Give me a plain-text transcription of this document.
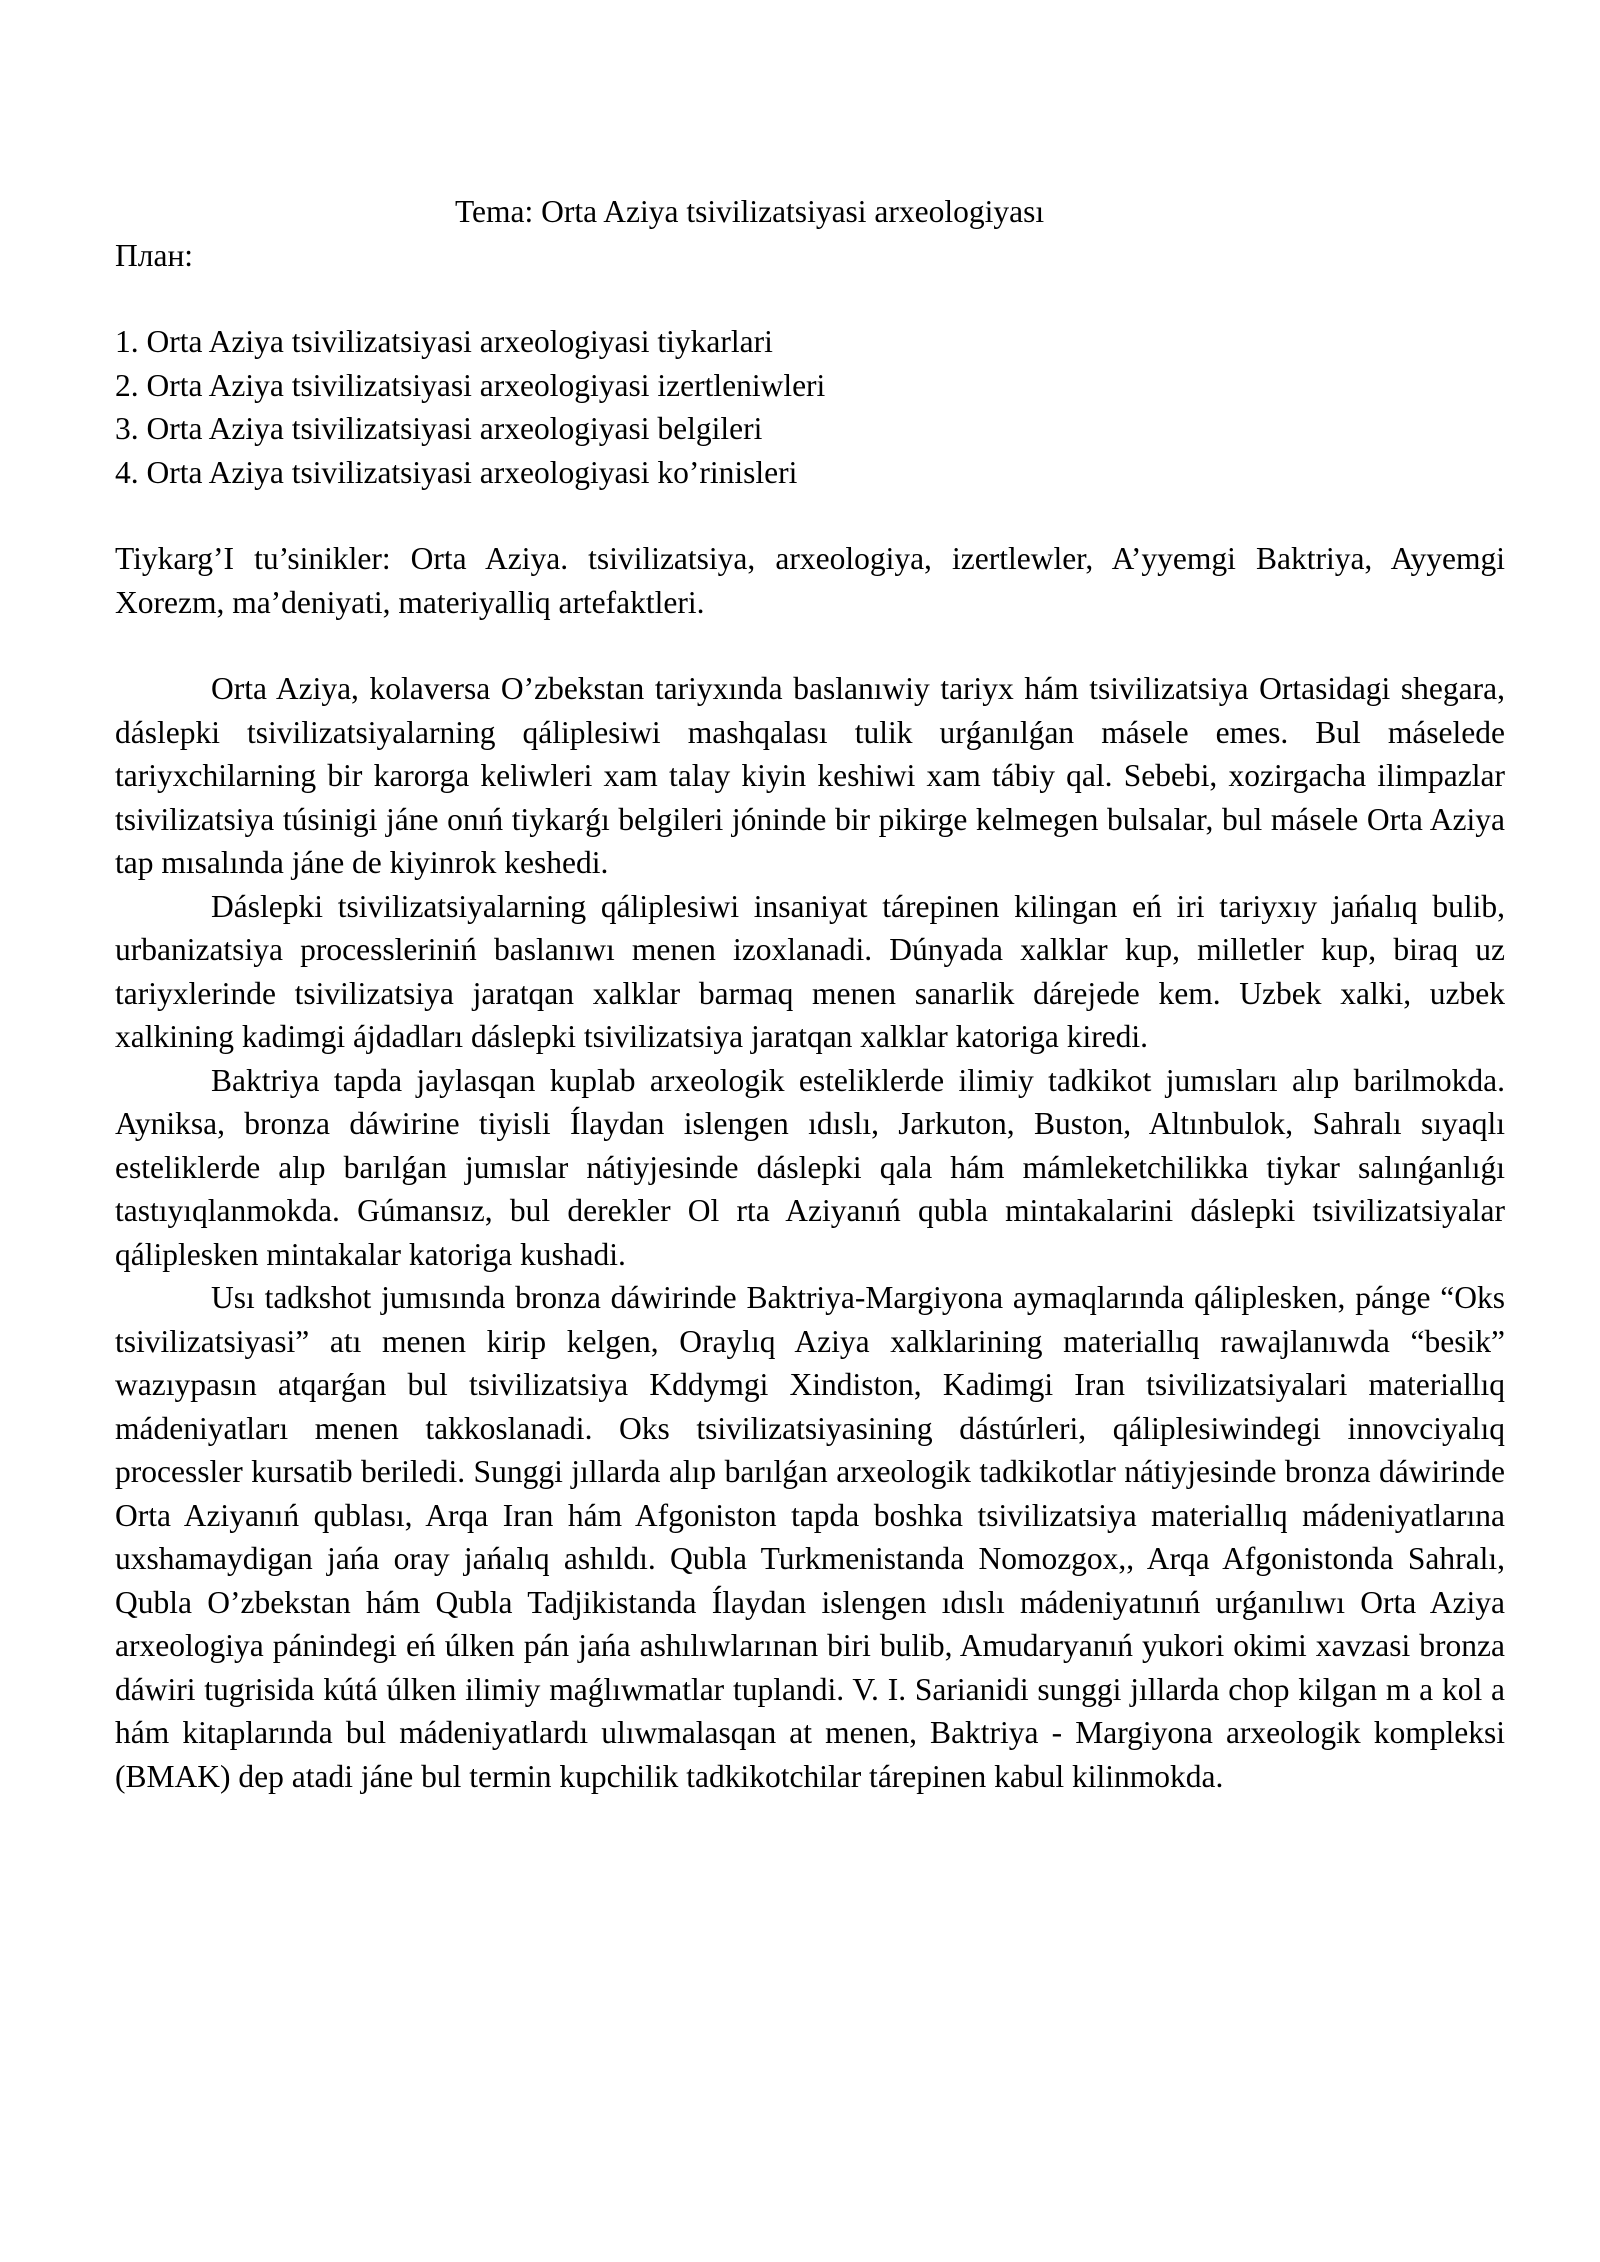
Tema: Orta Aziya tsivilizatsiyasi arxeologiyası

План:

1. Orta Aziya tsivilizatsiyasi arxeologiyasi tiykarlari
2. Orta Aziya tsivilizatsiyasi arxeologiyasi izertleniwleri
3. Orta Aziya tsivilizatsiyasi arxeologiyasi belgileri
4. Orta Aziya tsivilizatsiyasi arxeologiyasi ko’rinisleri

Tiykarg’I tu’sinikler: Orta Aziya. tsivilizatsiya, arxeologiya, izertlewler, A’yyemgi Baktriya, Ayyemgi Xorezm, ma’deniyati, materiyalliq artefaktleri.

Orta Aziya, kolaversa O’zbekstan tariyxında baslanıwiy tariyx hám tsivilizatsiya Ortasidagi shegara, dáslepki tsivilizatsiyalarning qáliplesiwi mashqalası tulik urǵanılǵan másele emes. Bul máselede tariyxchilarning bir karorga keliwleri xam talay kiyin keshiwi xam tábiy qal. Sebebi, xozirgacha ilimpazlar tsivilizatsiya túsinigi jáne onıń tiykarǵı belgileri jóninde bir pikirge kelmegen bulsalar, bul másele Orta Aziya tap mısalında jáne de kiyinrok keshedi.

Dáslepki tsivilizatsiyalarning qáliplesiwi insaniyat tárepinen kilingan eń iri tariyxıy jańalıq bulib, urbanizatsiya processleriniń baslanıwı menen izoxlanadi. Dúnyada xalklar kup, milletler kup, biraq uz tariyxlerinde tsivilizatsiya jaratqan xalklar barmaq menen sanarlik dárejede kem. Uzbek xalki, uzbek xalkining kadimgi ájdadları dáslepki tsivilizatsiya jaratqan xalklar katoriga kiredi.

Baktriya tapda jaylasqan kuplab arxeologik esteliklerde ilimiy tadkikot jumısları alıp barilmokda. Ayniksa, bronza dáwirine tiyisli Ílaydan islengen ıdıslı, Jarkuton, Buston, Altınbulok, Sahralı sıyaqlı esteliklerde alıp barılǵan jumıslar nátiyjesinde dáslepki qala hám mámleketchilikka tiykar salınǵanlıǵı tastıyıqlanmokda. Gúmansız, bul derekler Ol rta Aziyanıń qubla mintakalarini dáslepki tsivilizatsiyalar qáliplesken mintakalar katoriga kushadi.

Usı tadkshot jumısında bronza dáwirinde Baktriya-Margiyona aymaqlarında qáliplesken, pánge “Oks tsivilizatsiyasi” atı menen kirip kelgen, Oraylıq Aziya xalklarining materiallıq rawajlanıwda “besik” wazıypasın atqarǵan bul tsivilizatsiya Kddymgi Xindiston, Kadimgi Iran tsivilizatsiyalari materiallıq mádeniyatları menen takkoslanadi. Oks tsivilizatsiyasining dástúrleri, qáliplesiwindegi innovciyalıq processler kursatib beriledi. Sunggi jıllarda alıp barılǵan arxeologik tadkikotlar nátiyjesinde bronza dáwirinde Orta Aziyanıń qublası, Arqa Iran hám Afgoniston tapda boshka tsivilizatsiya materiallıq mádeniyatlarına uxshamaydigan jańa oray jańalıq ashıldı. Qubla Turkmenistanda Nomozgox,, Arqa Afgonistonda Sahralı, Qubla O’zbekstan hám Qubla Tadjikistanda Ílaydan islengen ıdıslı mádeniyatınıń urǵanılıwı Orta Aziya arxeologiya pánindegi eń úlken pán jańa ashılıwlarınan biri bulib, Amudaryanıń yukori okimi xavzasi bronza dáwiri tugrisida kútá úlken ilimiy maǵlıwmatlar tuplandi. V. I. Sarianidi sunggi jıllarda chop kilgan m a kol a hám kitaplarında bul mádeniyatlardı ulıwmalasqan at menen, Baktriya - Margiyona arxeologik kompleksi (BMAK) dep atadi jáne bul termin kupchilik tadkikotchilar tárepinen kabul kilinmokda.
